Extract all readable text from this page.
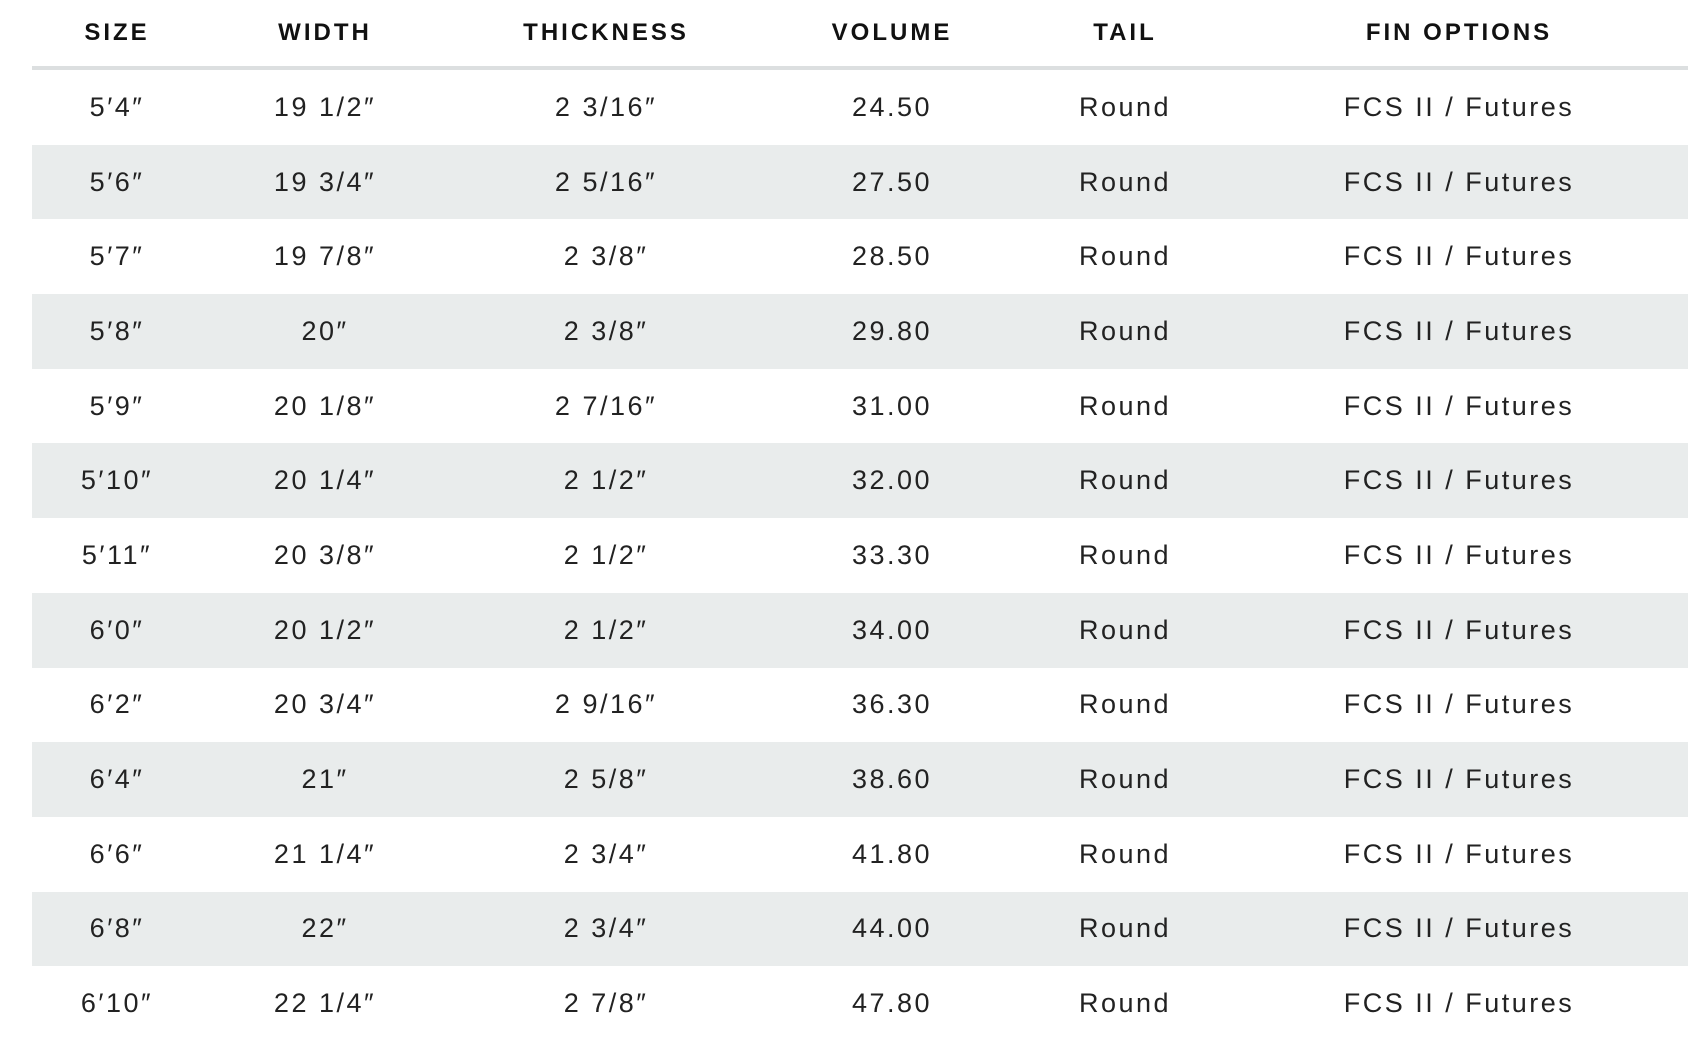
SIZE	WIDTH	THICKNESS	VOLUME	TAIL	FIN OPTIONS
5′4″	19 1/2″	2 3/16″	24.50	Round	FCS II / Futures
5′6″	19 3/4″	2 5/16″	27.50	Round	FCS II / Futures
5′7″	19 7/8″	2 3/8″	28.50	Round	FCS II / Futures
5′8″	20″	2 3/8″	29.80	Round	FCS II / Futures
5′9″	20 1/8″	2 7/16″	31.00	Round	FCS II / Futures
5′10″	20 1/4″	2 1/2″	32.00	Round	FCS II / Futures
5′11″	20 3/8″	2 1/2″	33.30	Round	FCS II / Futures
6′0″	20 1/2″	2 1/2″	34.00	Round	FCS II / Futures
6′2″	20 3/4″	2 9/16″	36.30	Round	FCS II / Futures
6′4″	21″	2 5/8″	38.60	Round	FCS II / Futures
6′6″	21 1/4″	2 3/4″	41.80	Round	FCS II / Futures
6′8″	22″	2 3/4″	44.00	Round	FCS II / Futures
6′10″	22 1/4″	2 7/8″	47.80	Round	FCS II / Futures
